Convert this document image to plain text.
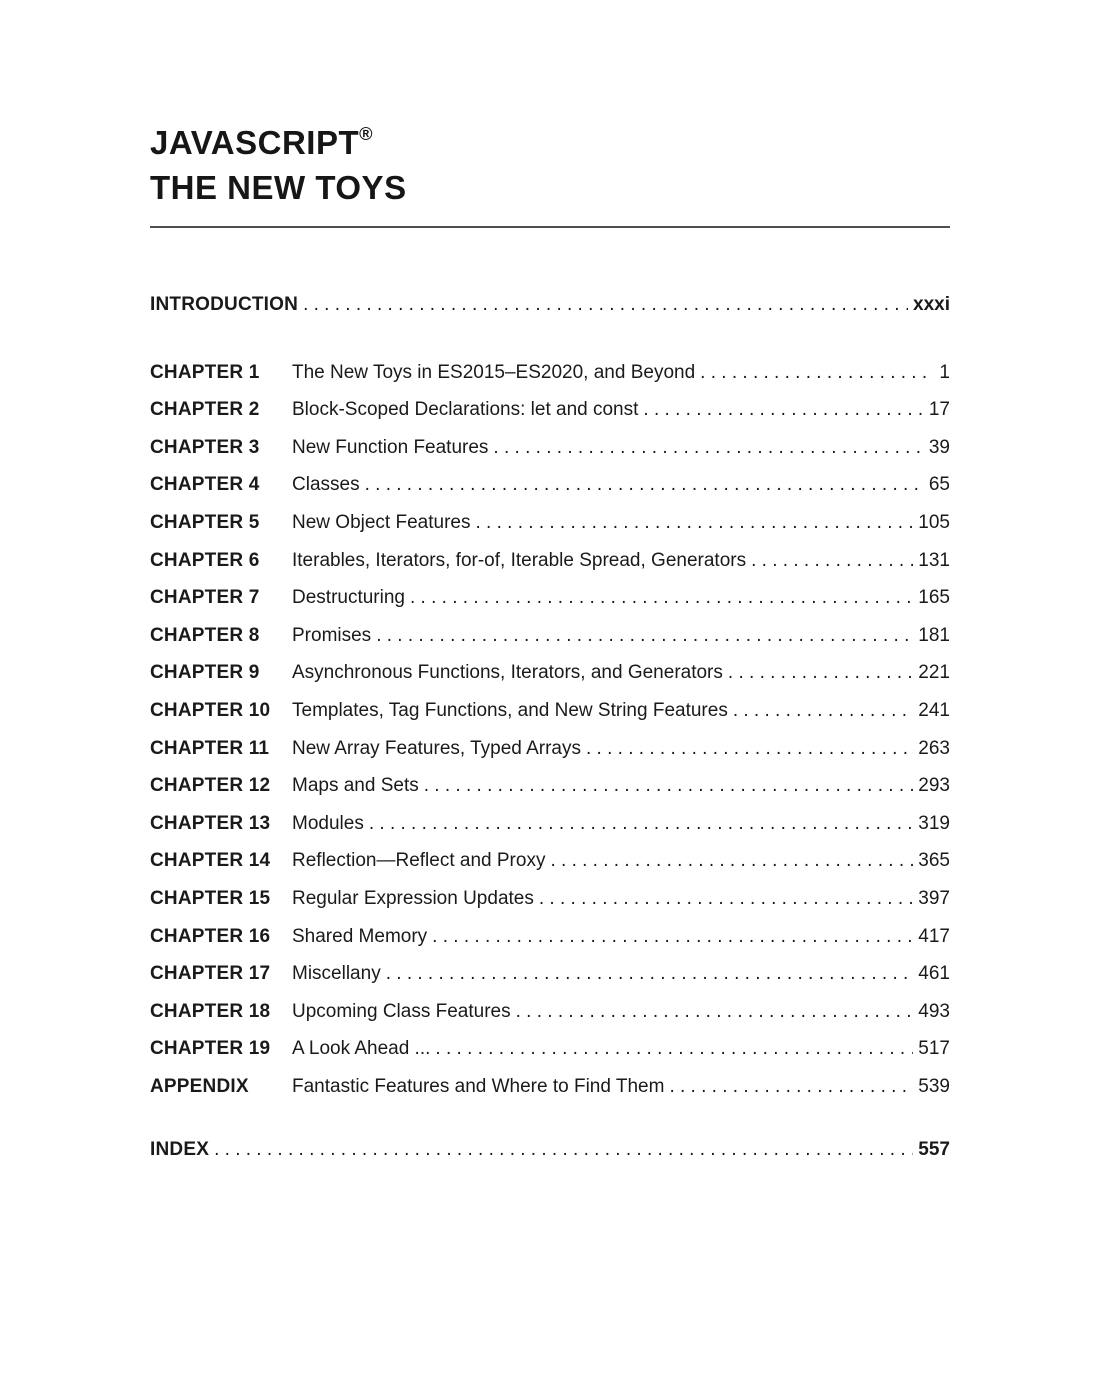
JAVASCRIPT®
THE NEW TOYS
INTRODUCTION . . .	xxxi
CHAPTER 1	The New Toys in ES2015–ES2020, and Beyond . . .	1
CHAPTER 2	Block-Scoped Declarations: let and const . . .	17
CHAPTER 3	New Function Features . . .	39
CHAPTER 4	Classes . . .	65
CHAPTER 5	New Object Features . . .	105
CHAPTER 6	Iterables, Iterators, for-of, Iterable Spread, Generators . . .	131
CHAPTER 7	Destructuring . . .	165
CHAPTER 8	Promises . . .	181
CHAPTER 9	Asynchronous Functions, Iterators, and Generators . . .	221
CHAPTER 10	Templates, Tag Functions, and New String Features . . .	241
CHAPTER 11	New Array Features, Typed Arrays . . .	263
CHAPTER 12	Maps and Sets . . .	293
CHAPTER 13	Modules . . .	319
CHAPTER 14	Reflection—Reflect and Proxy . . .	365
CHAPTER 15	Regular Expression Updates . . .	397
CHAPTER 16	Shared Memory . . .	417
CHAPTER 17	Miscellany . . .	461
CHAPTER 18	Upcoming Class Features . . .	493
CHAPTER 19	A Look Ahead ... . . .	517
APPENDIX	Fantastic Features and Where to Find Them . . .	539
INDEX . . .	557
